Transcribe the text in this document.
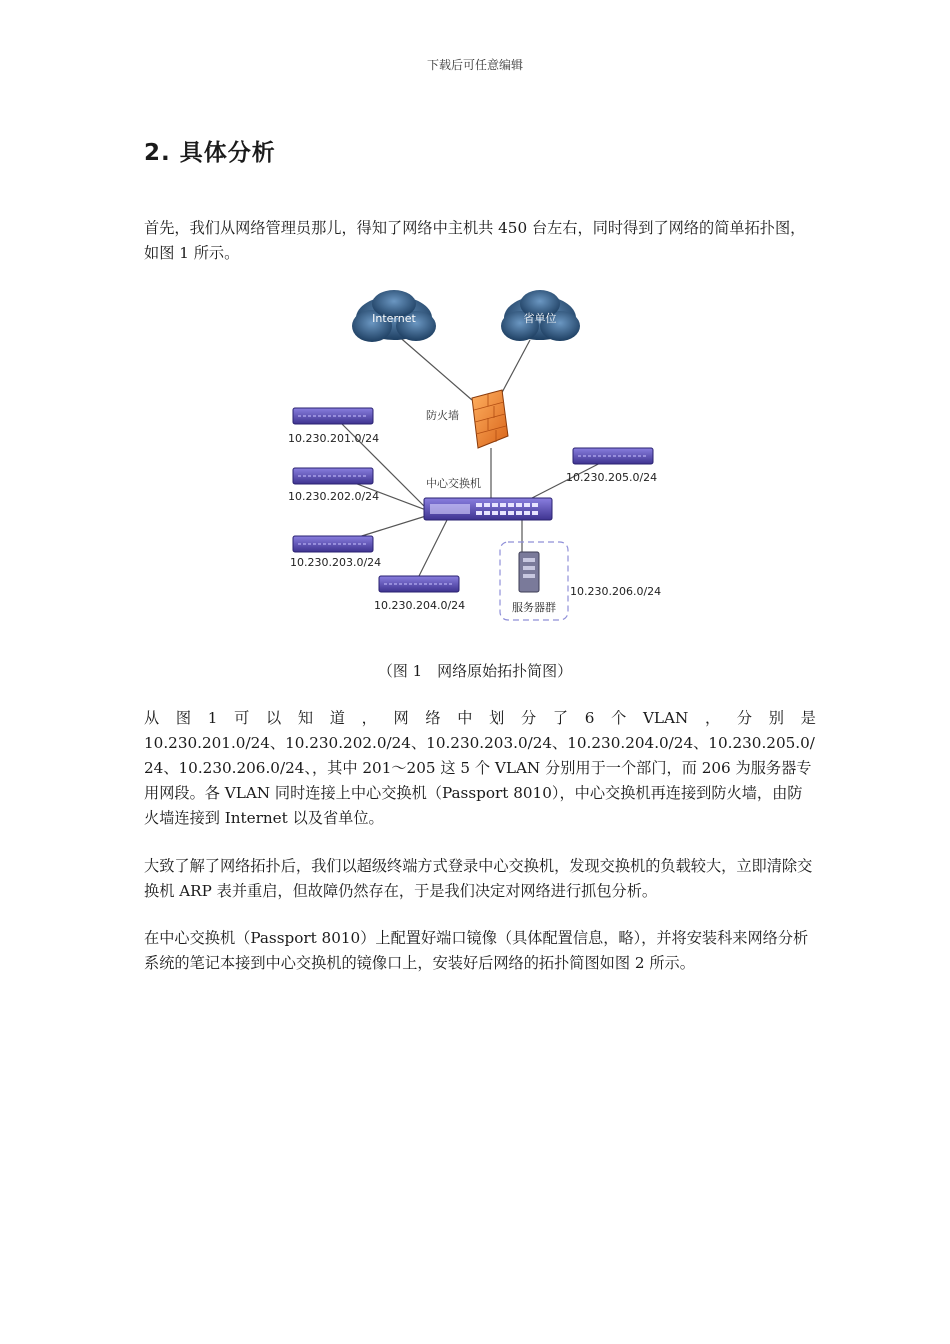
下载后可任意编辑
2. 具体分析

首先，我们从网络管理员那儿，得知了网络中主机共 450 台左右，同时得到了网络的简单拓扑图，如图 1 所示。

Internet	省单位
防火墙
10.230.201.0/24
10.230.202.0/24
10.230.203.0/24
10.230.204.0/24
10.230.205.0/24
中心交换机
服务器群
10.230.206.0/24
（图 1　网络原始拓扑简图）
从 图 1 可 以 知 道 ， 网 络 中 划 分 了 6 个 VLAN ， 分 别 是
10.230.201.0/24、10.230.202.0/24、10.230.203.0/24、10.230.204.0/24、10.230.205.0/24、10.230.206.0/24、，其中 201～205 这 5 个 VLAN 分别用于一个部门，而 206 为服务器专用网段。各 VLAN 同时连接上中心交换机（Passport 8010），中心交换机再连接到防火墙，由防火墙连接到 Internet 以及省单位。

大致了解了网络拓扑后，我们以超级终端方式登录中心交换机，发现交换机的负载较大，立即清除交换机 ARP 表并重启，但故障仍然存在，于是我们决定对网络进行抓包分析。

在中心交换机（Passport 8010）上配置好端口镜像（具体配置信息，略），并将安装科来网络分析系统的笔记本接到中心交换机的镜像口上，安装好后网络的拓扑简图如图 2 所示。
